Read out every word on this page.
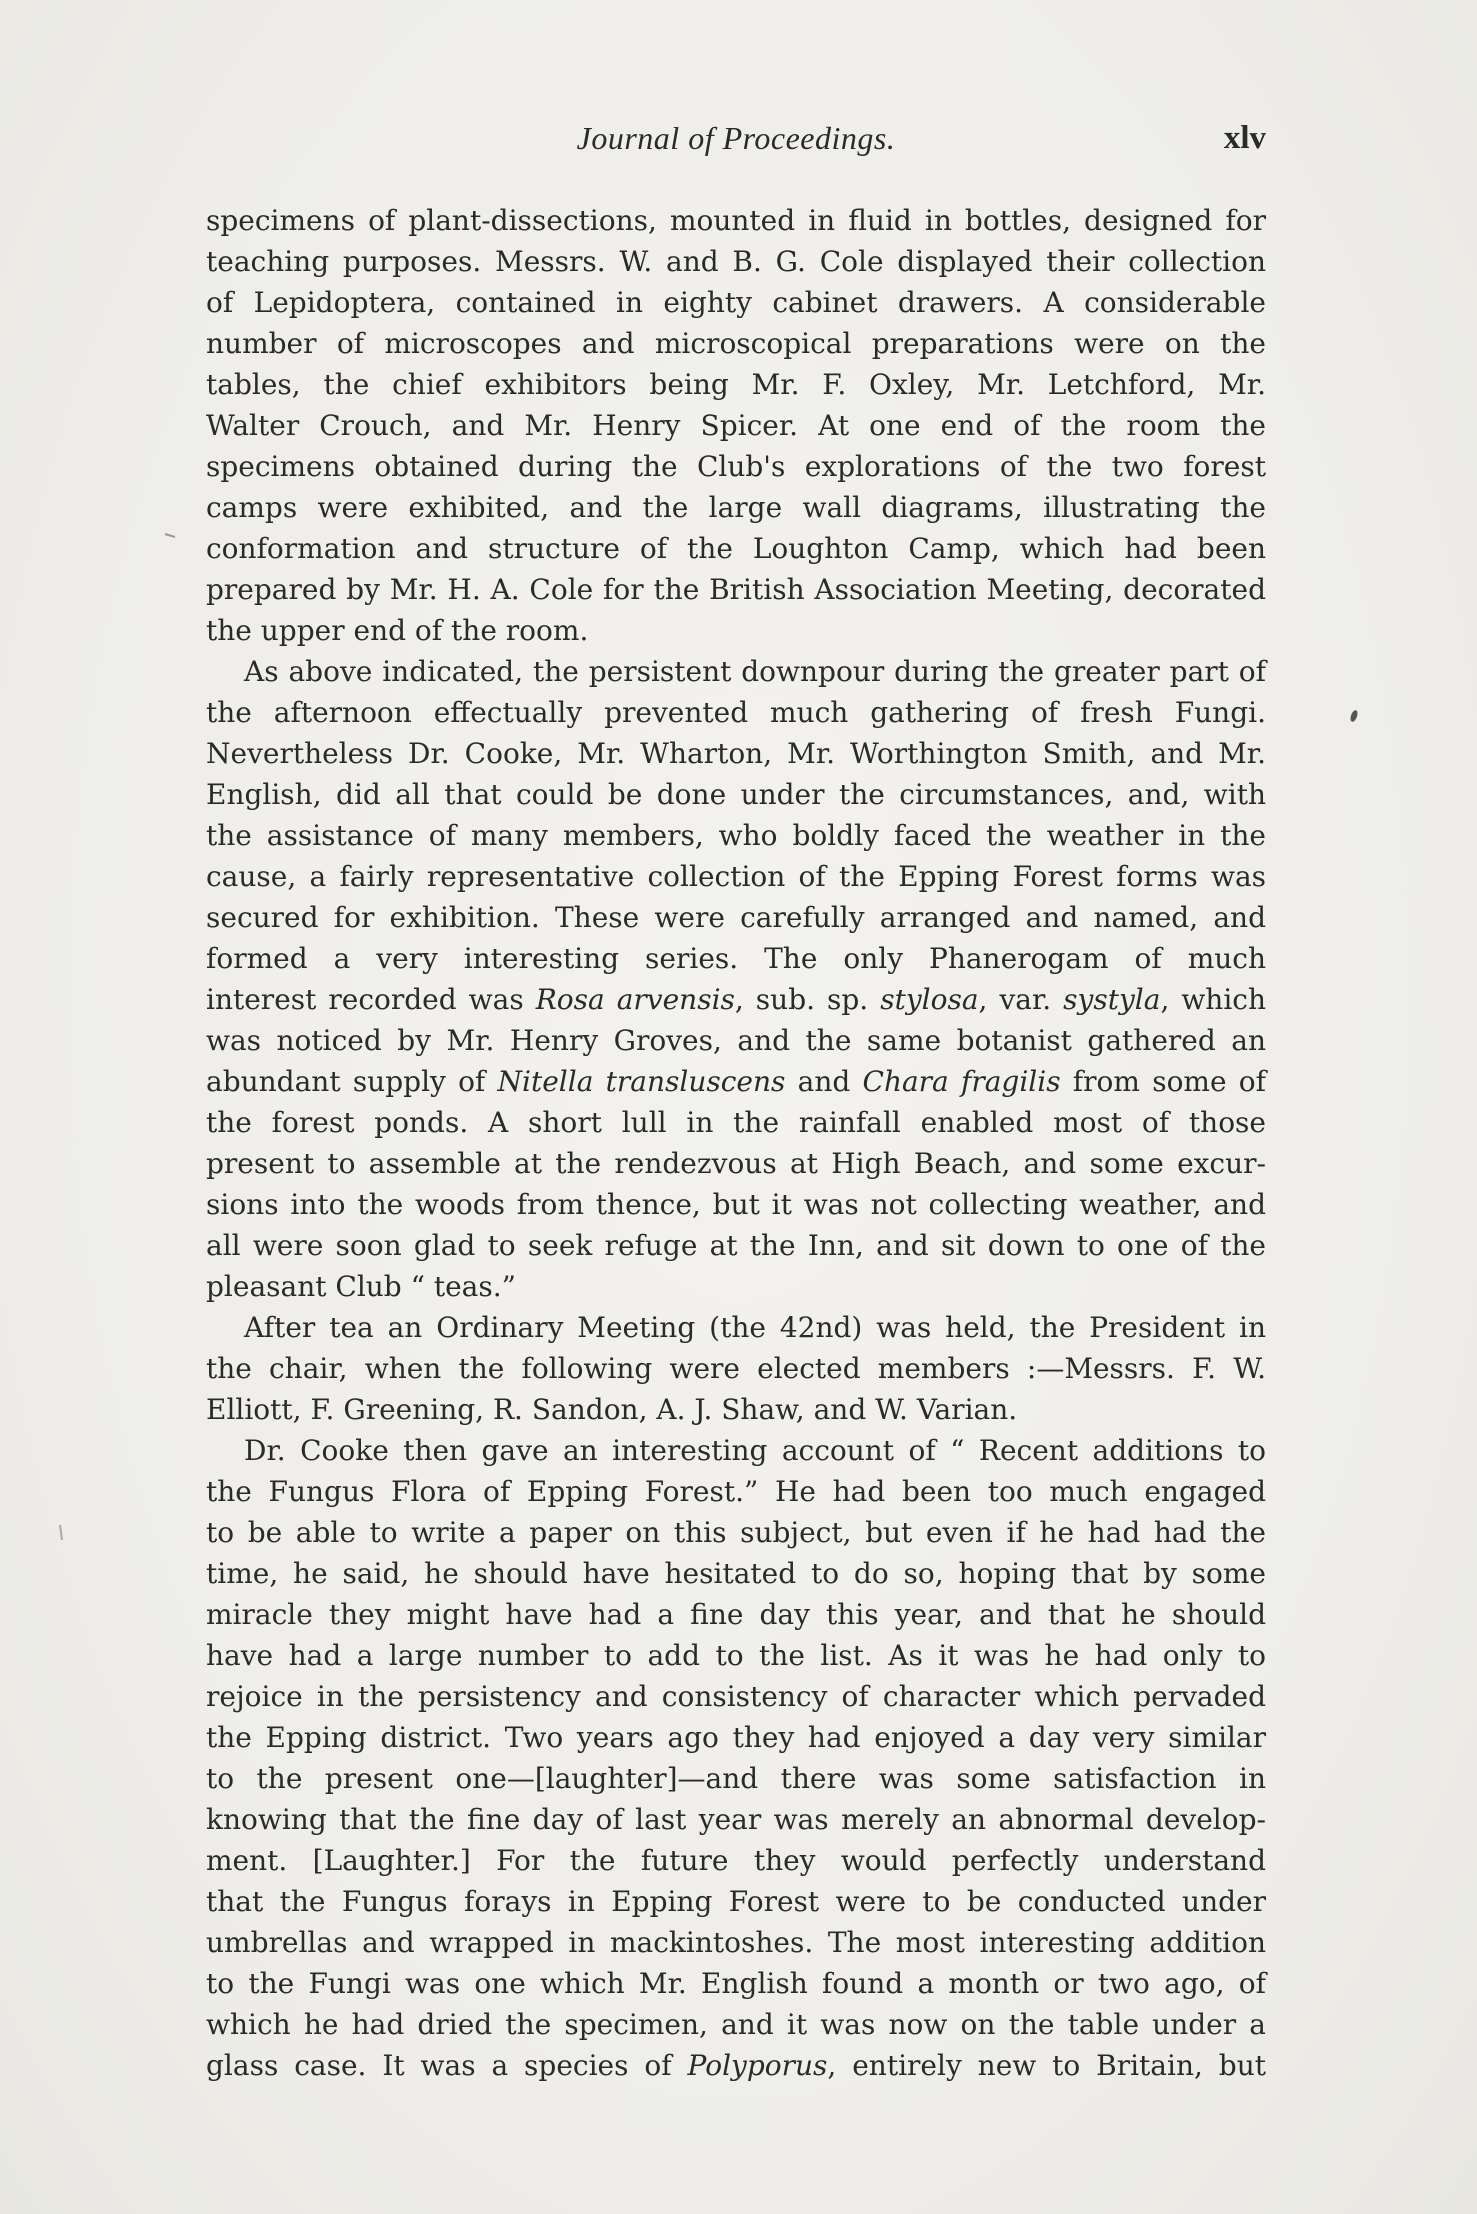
Journal of Proceedings.	xlv
specimens of plant-dissections, mounted in fluid in bottles, designed for
teaching purposes. Messrs. W. and B. G. Cole displayed their collection
of Lepidoptera, contained in eighty cabinet drawers. A considerable
number of microscopes and microscopical preparations were on the
tables, the chief exhibitors being Mr. F. Oxley, Mr. Letchford, Mr.
Walter Crouch, and Mr. Henry Spicer. At one end of the room the
specimens obtained during the Club's explorations of the two forest
camps were exhibited, and the large wall diagrams, illustrating the
conformation and structure of the Loughton Camp, which had been
prepared by Mr. H. A. Cole for the British Association Meeting, decorated
the upper end of the room.
As above indicated, the persistent downpour during the greater part of
the afternoon effectually prevented much gathering of fresh Fungi.
Nevertheless Dr. Cooke, Mr. Wharton, Mr. Worthington Smith, and Mr.
English, did all that could be done under the circumstances, and, with
the assistance of many members, who boldly faced the weather in the
cause, a fairly representative collection of the Epping Forest forms was
secured for exhibition. These were carefully arranged and named, and
formed a very interesting series. The only Phanerogam of much
interest recorded was Rosa arvensis, sub. sp. stylosa, var. systyla, which
was noticed by Mr. Henry Groves, and the same botanist gathered an
abundant supply of Nitella transluscens and Chara fragilis from some of
the forest ponds. A short lull in the rainfall enabled most of those
present to assemble at the rendezvous at High Beach, and some excur-
sions into the woods from thence, but it was not collecting weather, and
all were soon glad to seek refuge at the Inn, and sit down to one of the
pleasant Club “ teas.”
After tea an Ordinary Meeting (the 42nd) was held, the President in
the chair, when the following were elected members :—Messrs. F. W.
Elliott, F. Greening, R. Sandon, A. J. Shaw, and W. Varian.
Dr. Cooke then gave an interesting account of “ Recent additions to
the Fungus Flora of Epping Forest.” He had been too much engaged
to be able to write a paper on this subject, but even if he had had the
time, he said, he should have hesitated to do so, hoping that by some
miracle they might have had a fine day this year, and that he should
have had a large number to add to the list. As it was he had only to
rejoice in the persistency and consistency of character which pervaded
the Epping district. Two years ago they had enjoyed a day very similar
to the present one—[laughter]—and there was some satisfaction in
knowing that the fine day of last year was merely an abnormal develop-
ment. [Laughter.] For the future they would perfectly understand
that the Fungus forays in Epping Forest were to be conducted under
umbrellas and wrapped in mackintoshes. The most interesting addition
to the Fungi was one which Mr. English found a month or two ago, of
which he had dried the specimen, and it was now on the table under a
glass case. It was a species of Polyporus, entirely new to Britain, but
